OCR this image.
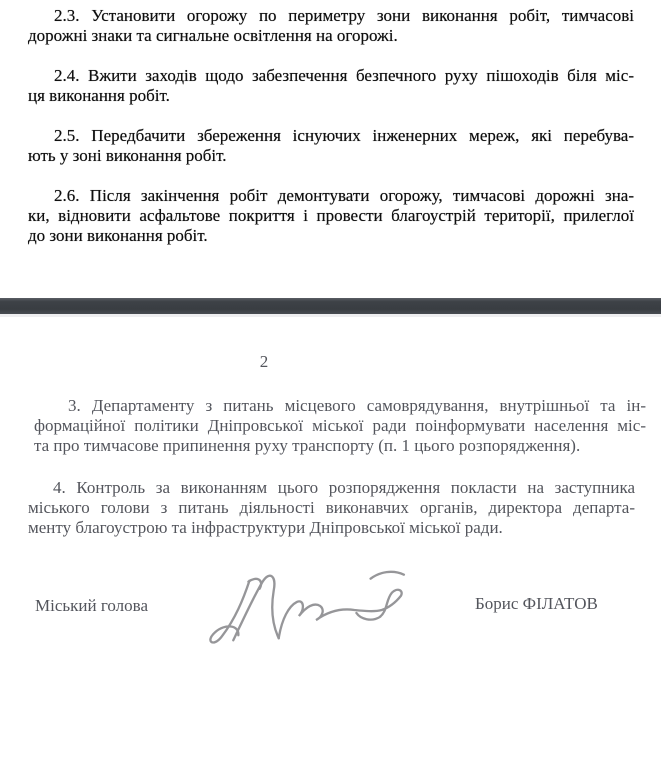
2.3. Установити огорожу по периметру зони виконання робіт, тимчасові
дорожні знаки та сигнальне освітлення на огорожі.
2.4. Вжити заходів щодо забезпечення безпечного руху пішоходів біля міс-
ця виконання робіт.
2.5. Передбачити збереження існуючих інженерних мереж, які перебува-
ють у зоні виконання робіт.
2.6. Після закінчення робіт демонтувати огорожу, тимчасові дорожні зна-
ки, відновити асфальтове покриття і провести благоустрій території, прилеглої
до зони виконання робіт.
2
3. Департаменту з питань місцевого самоврядування, внутрішньої та ін-
формаційної політики Дніпровської міської ради поінформувати населення міс-
та про тимчасове припинення руху транспорту (п. 1 цього розпорядження).
4. Контроль за виконанням цього розпорядження покласти на заступника
міського голови з питань діяльності виконавчих органів, директора департа-
менту благоустрою та інфраструктури Дніпровської міської ради.
Міський голова	Борис ФІЛАТОВ
